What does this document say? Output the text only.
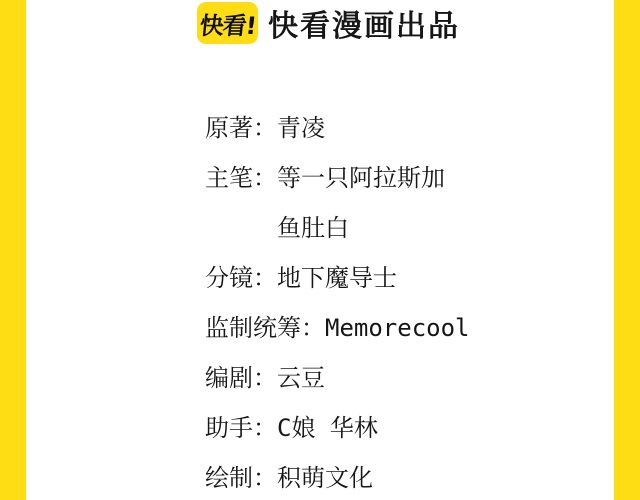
快看! 快看漫画出品
原著：青凌
主笔：等一只阿拉斯加
鱼肚白
分镜：地下魔导士
监制统筹：Memorecool
编剧：云豆
助手：C娘 华林
绘制：积萌文化
